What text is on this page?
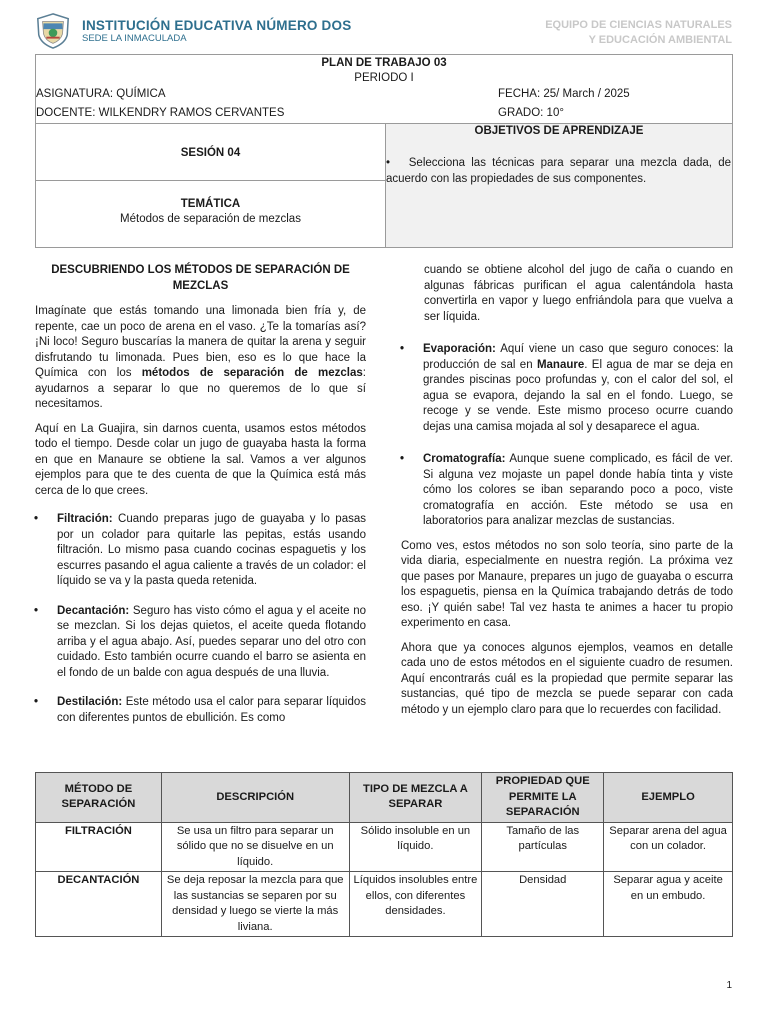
INSTITUCIÓN EDUCATIVA NÚMERO DOS
SEDE LA INMACULADA
EQUIPO DE CIENCIAS NATURALES
Y EDUCACIÓN AMBIENTAL
PLAN DE TRABAJO 03
PERIODO I
ASIGNATURA: QUÍMICA	FECHA: 25/ March / 2025
DOCENTE: WILKENDRY RAMOS CERVANTES	GRADO: 10°
SESIÓN 04
OBJETIVOS DE APRENDIZAJE
•   Selecciona las técnicas para separar una mezcla dada, de acuerdo con las propiedades de sus componentes.
TEMÁTICA
Métodos de separación de mezclas
DESCUBRIENDO LOS MÉTODOS DE SEPARACIÓN DE MEZCLAS

Imagínate que estás tomando una limonada bien fría y, de repente, cae un poco de arena en el vaso. ¿Te la tomarías así? ¡Ni loco! Seguro buscarías la manera de quitar la arena y seguir disfrutando tu limonada. Pues bien, eso es lo que hace la Química con los métodos de separación de mezclas: ayudarnos a separar lo que no queremos de lo que sí necesitamos.

Aquí en La Guajira, sin darnos cuenta, usamos estos métodos todo el tiempo. Desde colar un jugo de guayaba hasta la forma en que en Manaure se obtiene la sal. Vamos a ver algunos ejemplos para que te des cuenta de que la Química está más cerca de lo que crees.

• Filtración: Cuando preparas jugo de guayaba y lo pasas por un colador para quitarle las pepitas, estás usando filtración. Lo mismo pasa cuando cocinas espaguetis y los escurres pasando el agua caliente a través de un colador: el líquido se va y la pasta queda retenida.
• Decantación: Seguro has visto cómo el agua y el aceite no se mezclan. Si los dejas quietos, el aceite queda flotando arriba y el agua abajo. Así, puedes separar uno del otro con cuidado. Esto también ocurre cuando el barro se asienta en el fondo de un balde con agua después de una lluvia.
• Destilación: Este método usa el calor para separar líquidos con diferentes puntos de ebullición. Es como
cuando se obtiene alcohol del jugo de caña o cuando en algunas fábricas purifican el agua calentándola hasta convertirla en vapor y luego enfriándola para que vuelva a ser líquida.
• Evaporación: Aquí viene un caso que seguro conoces: la producción de sal en Manaure. El agua de mar se deja en grandes piscinas poco profundas y, con el calor del sol, el agua se evapora, dejando la sal en el fondo. Luego, se recoge y se vende. Este mismo proceso ocurre cuando dejas una camisa mojada al sol y desaparece el agua.
• Cromatografía: Aunque suene complicado, es fácil de ver. Si alguna vez mojaste un papel donde había tinta y viste cómo los colores se iban separando poco a poco, viste cromatografía en acción. Este método se usa en laboratorios para analizar mezclas de sustancias.

Como ves, estos métodos no son solo teoría, sino parte de la vida diaria, especialmente en nuestra región. La próxima vez que pases por Manaure, prepares un jugo de guayaba o escurra los espaguetis, piensa en la Química trabajando detrás de todo eso. ¡Y quién sabe! Tal vez hasta te animes a hacer tu propio experimento en casa.

Ahora que ya conoces algunos ejemplos, veamos en detalle cada uno de estos métodos en el siguiente cuadro de resumen. Aquí encontrarás cuál es la propiedad que permite separar las sustancias, qué tipo de mezcla se puede separar con cada método y un ejemplo claro para que lo recuerdes con facilidad.

MÉTODO DE SEPARACIÓN	DESCRIPCIÓN	TIPO DE MEZCLA A SEPARAR	PROPIEDAD QUE PERMITE LA SEPARACIÓN	EJEMPLO
FILTRACIÓN	Se usa un filtro para separar un sólido que no se disuelve en un líquido.	Sólido insoluble en un líquido.	Tamaño de las partículas	Separar arena del agua con un colador.
DECANTACIÓN	Se deja reposar la mezcla para que las sustancias se separen por su densidad y luego se vierte la más liviana.	Líquidos insolubles entre ellos, con diferentes densidades.	Densidad	Separar agua y aceite en un embudo.
1
